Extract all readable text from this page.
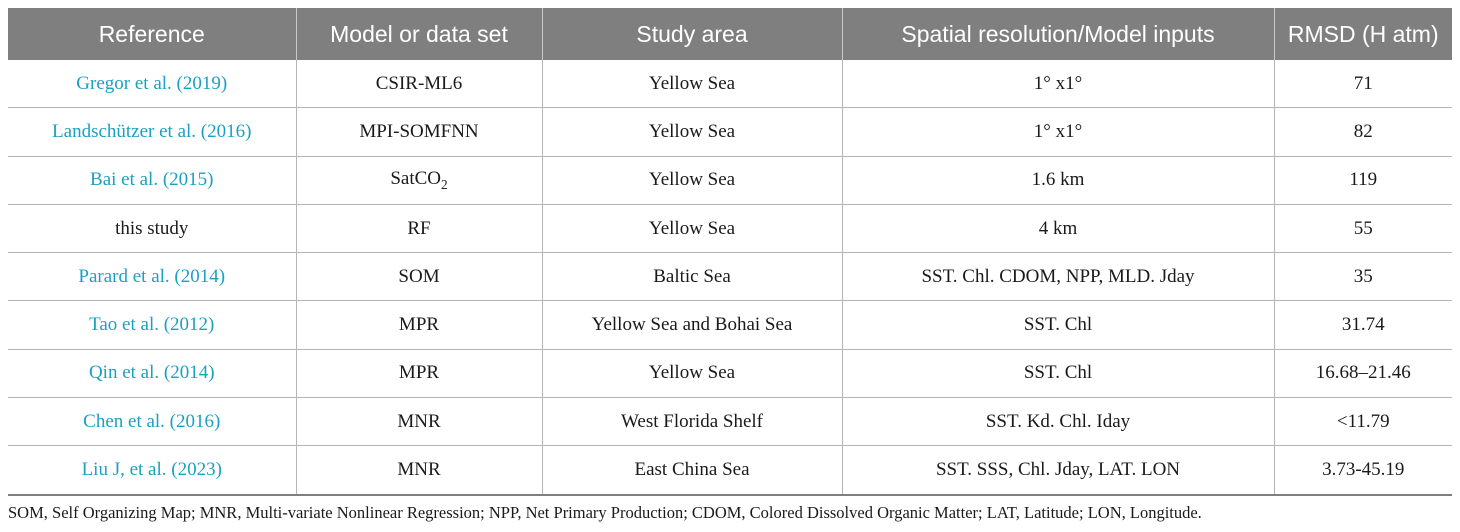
Reference	Model or data set	Study area	Spatial resolution/Model inputs	RMSD (H atm)
Gregor et al. (2019)	CSIR-ML6	Yellow Sea	1° x1°	71
Landschützer et al. (2016)	MPI-SOMFNN	Yellow Sea	1° x1°	82
Bai et al. (2015)	SatCO$_2$	Yellow Sea	1.6 km	119
this study	RF	Yellow Sea	4 km	55
Parard et al. (2014)	SOM	Baltic Sea	SST. Chl. CDOM, NPP, MLD. Jday	35
Tao et al. (2012)	MPR	Yellow Sea and Bohai Sea	SST. Chl	31.74
Qin et al. (2014)	MPR	Yellow Sea	SST. Chl	16.68–21.46
Chen et al. (2016)	MNR	West Florida Shelf	SST. Kd. Chl. Iday	<11.79
Liu J, et al. (2023)	MNR	East China Sea	SST. SSS, Chl. Jday, LAT. LON	3.73-45.19
SOM, Self Organizing Map; MNR, Multi-variate Nonlinear Regression; NPP, Net Primary Production; CDOM, Colored Dissolved Organic Matter; LAT, Latitude; LON, Longitude.
